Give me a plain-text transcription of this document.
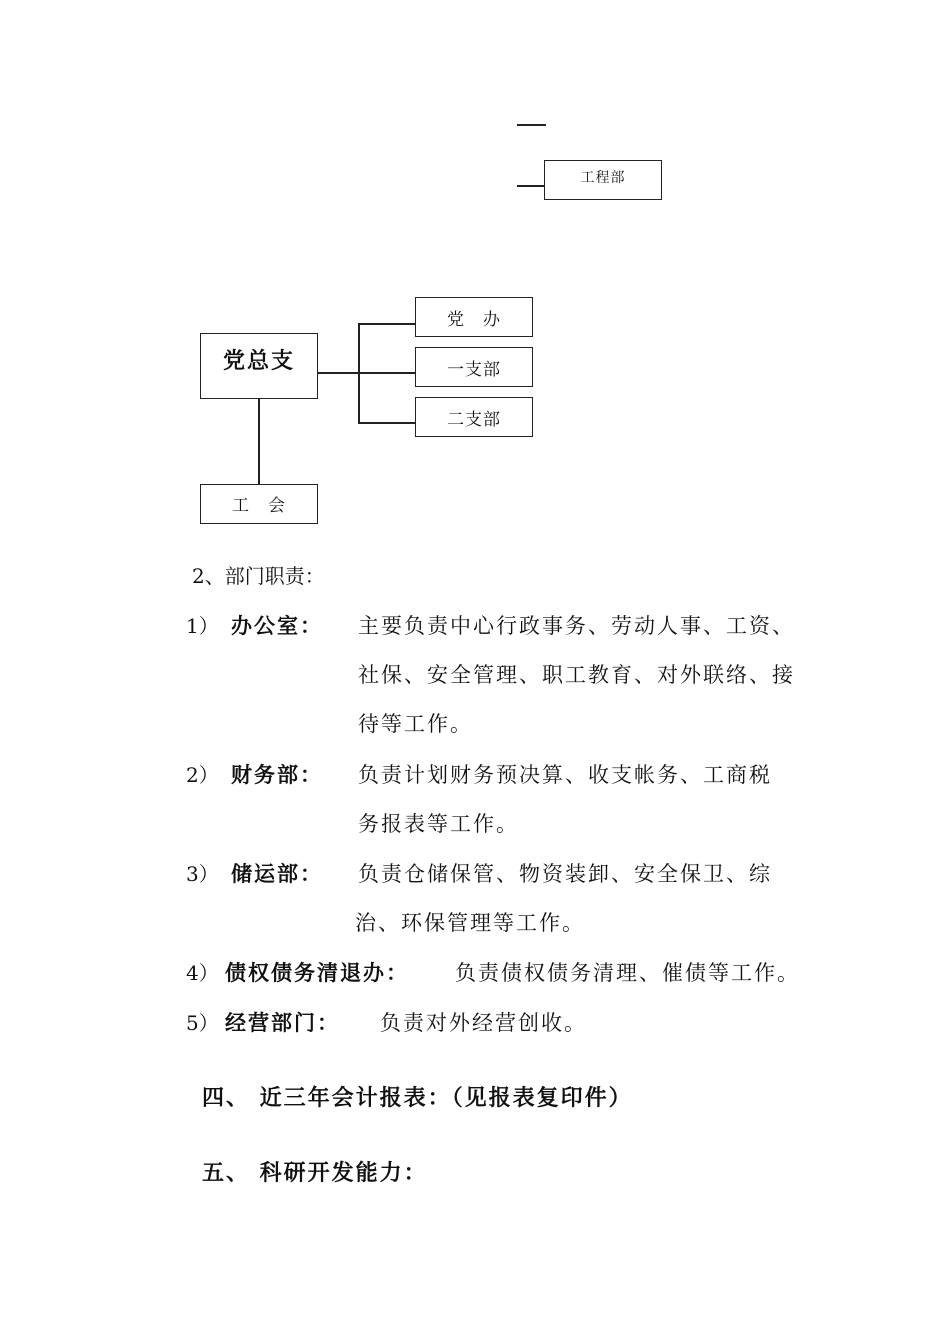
工程部
党总支
党　办
一支部
二支部
工　会
2、部门职责：
1） 办公室： 主要负责中心行政事务、劳动人事、工资、
社保、安全管理、职工教育、对外联络、接
待等工作。
2） 财务部： 负责计划财务预决算、收支帐务、工商税
务报表等工作。
3） 储运部： 负责仓储保管、物资装卸、安全保卫、综
治、环保管理等工作。
4） 债权债务清退办： 负责债权债务清理、催债等工作。
5） 经营部门： 负责对外经营创收。
四、 近三年会计报表：（见报表复印件）
五、 科研开发能力：
